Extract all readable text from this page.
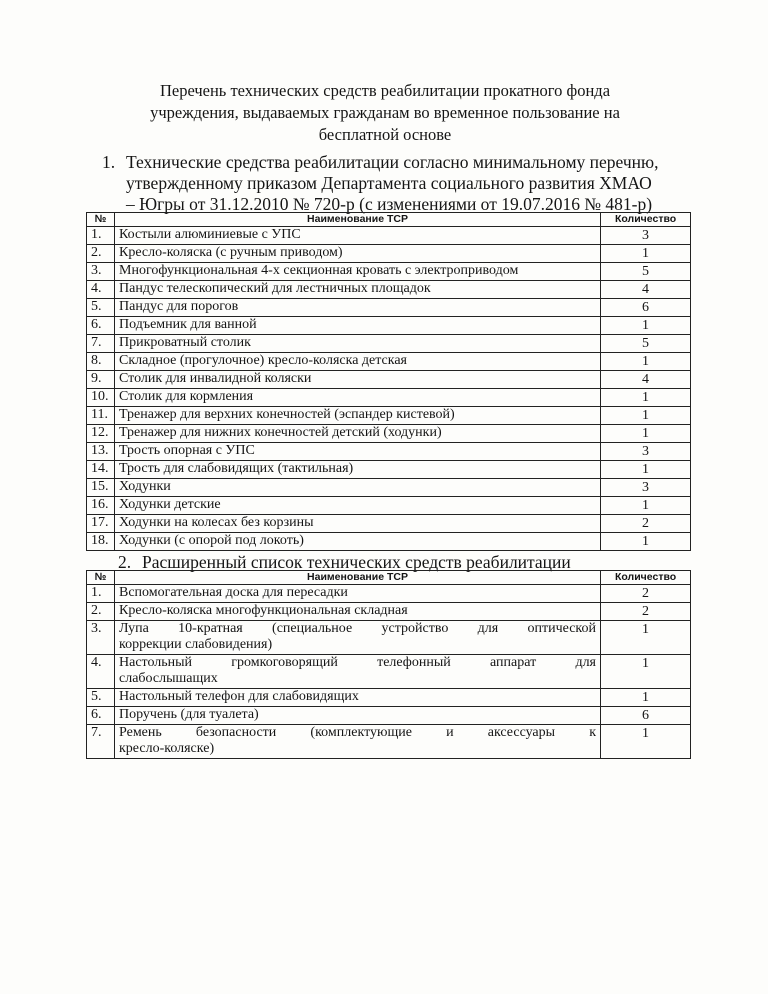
Перечень технических средств реабилитации прокатного фонда
учреждения, выдаваемых гражданам во временное пользование на
бесплатной основе
1. Технические средства реабилитации согласно минимальному перечню,
утвержденному приказом Департамента социального развития ХМАО
– Югры от 31.12.2010 № 720-р (с изменениями от 19.07.2016 № 481-р)
№	Наименование ТСР	Количество
1.	Костыли алюминиевые с УПС	3
2.	Кресло-коляска (с ручным приводом)	1
3.	Многофункциональная 4-х секционная кровать с электроприводом	5
4.	Пандус телескопический для лестничных площадок	4
5.	Пандус для порогов	6
6.	Подъемник для ванной	1
7.	Прикроватный столик	5
8.	Складное (прогулочное) кресло-коляска детская	1
9.	Столик для инвалидной коляски	4
10.	Столик для кормления	1
11.	Тренажер для верхних конечностей (эспандер кистевой)	1
12.	Тренажер для нижних конечностей детский (ходунки)	1
13.	Трость опорная с УПС	3
14.	Трость для слабовидящих (тактильная)	1
15.	Ходунки	3
16.	Ходунки детские	1
17.	Ходунки на колесах без корзины	2
18.	Ходунки (с опорой под локоть)	1
2. Расширенный список технических средств реабилитации
№	Наименование ТСР	Количество
1.	Вспомогательная доска для пересадки	2
2.	Кресло-коляска многофункциональная складная	2
3.	Лупа 10-кратная (специальное устройство для оптической
коррекции слабовидения)	1
4.	Настольный громкоговорящий телефонный аппарат для
слабослышащих	1
5.	Настольный телефон для слабовидящих	1
6.	Поручень (для туалета)	6
7.	Ремень безопасности (комплектующие и аксессуары к
кресло-коляске)	1
